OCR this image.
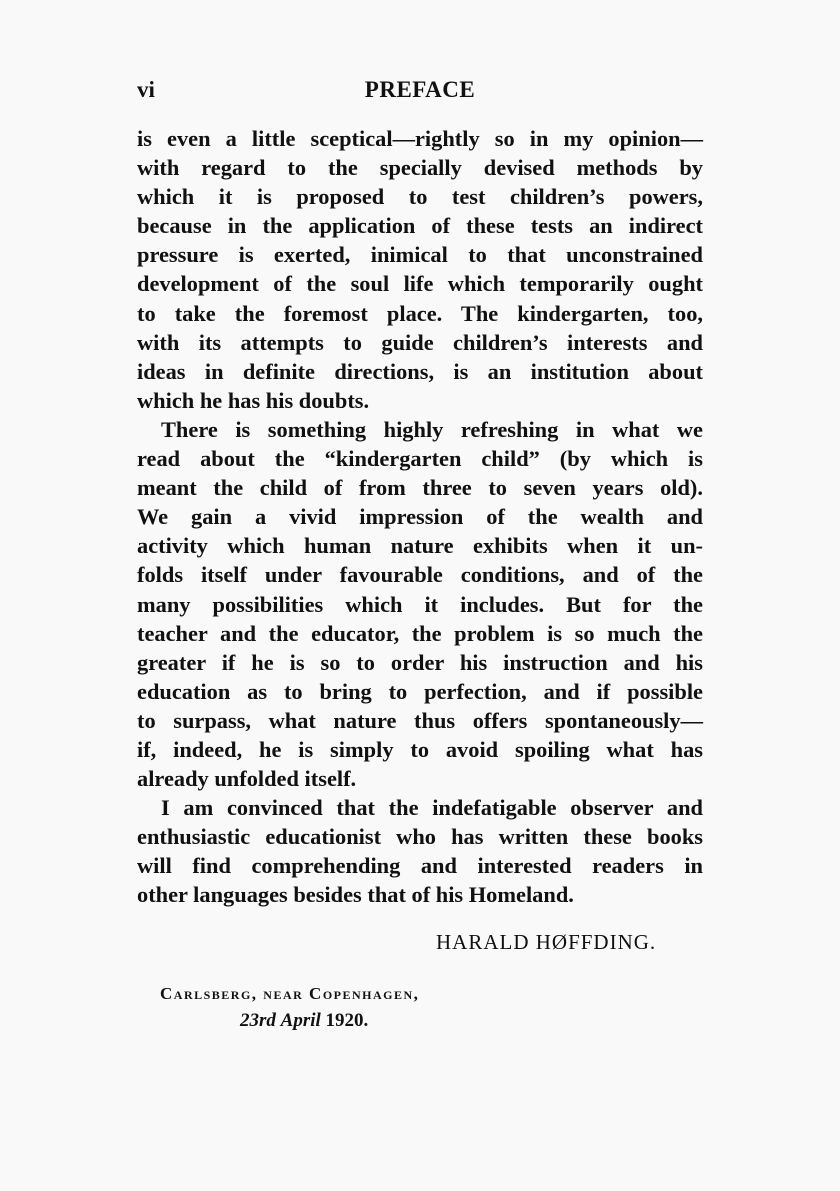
vi	PREFACE
is even a little sceptical—rightly so in my opinion—
with regard to the specially devised methods by
which it is proposed to test children’s powers,
because in the application of these tests an indirect
pressure is exerted, inimical to that unconstrained
development of the soul life which temporarily ought
to take the foremost place. The kindergarten, too,
with its attempts to guide children’s interests and
ideas in definite directions, is an institution about
which he has his doubts.
There is something highly refreshing in what we
read about the “kindergarten child” (by which is
meant the child of from three to seven years old).
We gain a vivid impression of the wealth and
activity which human nature exhibits when it un-
folds itself under favourable conditions, and of the
many possibilities which it includes. But for the
teacher and the educator, the problem is so much the
greater if he is so to order his instruction and his
education as to bring to perfection, and if possible
to surpass, what nature thus offers spontaneously—
if, indeed, he is simply to avoid spoiling what has
already unfolded itself.
I am convinced that the indefatigable observer and
enthusiastic educationist who has written these books
will find comprehending and interested readers in
other languages besides that of his Homeland.
HARALD HØFFDING.
Carlsberg, near Copenhagen,
23rd April 1920.
